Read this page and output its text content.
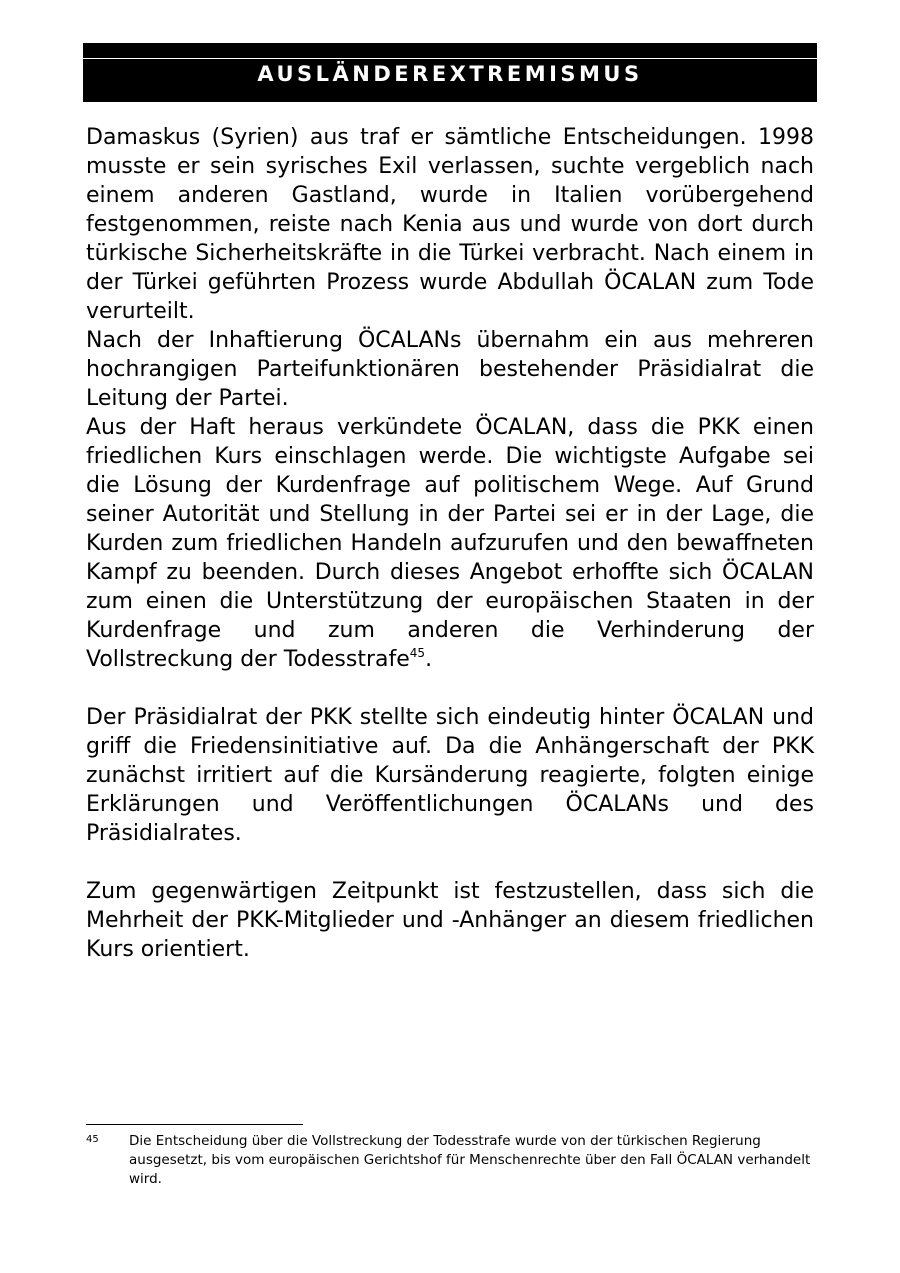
AUSLÄNDEREXTREMISMUS

Damaskus (Syrien) aus traf er sämtliche Entscheidungen. 1998 musste er sein syrisches Exil verlassen, suchte vergeblich nach einem anderen Gastland, wurde in Italien vorübergehend festgenommen, reiste nach Kenia aus und wurde von dort durch türkische Sicherheitskräfte in die Türkei verbracht. Nach einem in der Türkei geführten Prozess wurde Abdullah ÖCALAN zum Tode verurteilt.

Nach der Inhaftierung ÖCALANs übernahm ein aus mehreren hochrangigen Parteifunktionären bestehender Präsidialrat die Leitung der Partei.

Aus der Haft heraus verkündete ÖCALAN, dass die PKK einen friedlichen Kurs einschlagen werde. Die wichtigste Aufgabe sei die Lösung der Kurdenfrage auf politischem Wege. Auf Grund seiner Autorität und Stellung in der Partei sei er in der Lage, die Kurden zum friedlichen Handeln aufzurufen und den bewaffneten Kampf zu beenden. Durch dieses Angebot erhoffte sich ÖCALAN zum einen die Unterstützung der europäischen Staaten in der Kurdenfrage und zum anderen die Verhinderung der Vollstreckung der Todesstrafe$^{45}$.

Der Präsidialrat der PKK stellte sich eindeutig hinter ÖCALAN und griff die Friedensinitiative auf. Da die Anhängerschaft der PKK zunächst irritiert auf die Kursänderung reagierte, folgten einige Erklärungen und Veröffentlichungen ÖCALANs und des Präsidialrates.

Zum gegenwärtigen Zeitpunkt ist festzustellen, dass sich die Mehrheit der PKK-Mitglieder und -Anhänger an diesem friedlichen Kurs orientiert.

45 Die Entscheidung über die Vollstreckung der Todesstrafe wurde von der türkischen Regierung ausgesetzt, bis vom europäischen Gerichtshof für Menschenrechte über den Fall ÖCALAN verhandelt wird.
